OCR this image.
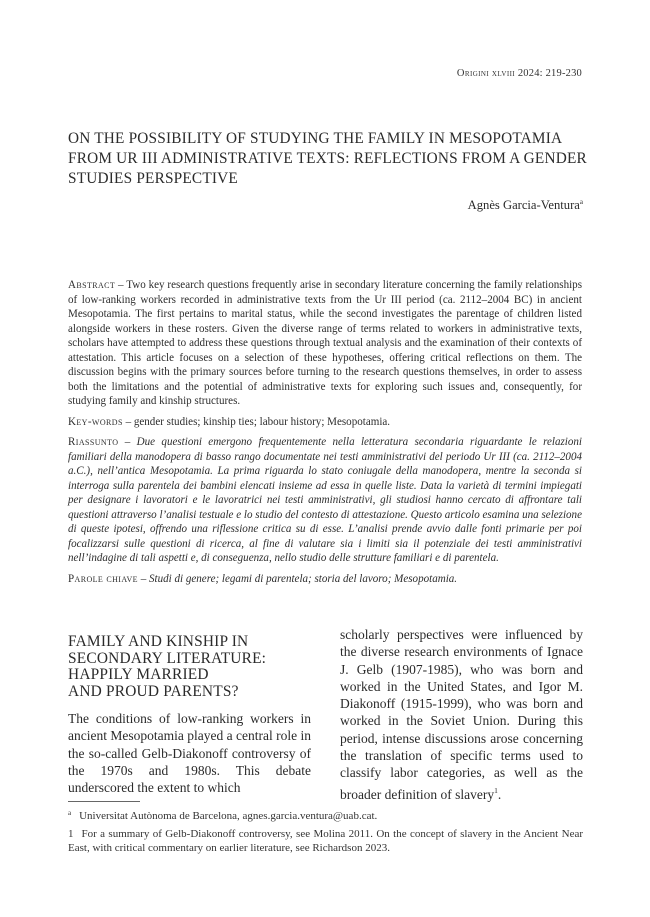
Origini xlviii 2024: 219-230
ON THE POSSIBILITY OF STUDYING THE FAMILY IN MESOPOTAMIA FROM UR III ADMINISTRATIVE TEXTS: REFLECTIONS FROM A GENDER STUDIES PERSPECTIVE
Agnès Garcia-Ventura$^a$

Abstract – Two key research questions frequently arise in secondary literature concerning the family relationships of low-ranking workers recorded in administrative texts from the Ur III period (ca. 2112–2004 BC) in ancient Mesopotamia. The first pertains to marital status, while the second investigates the parentage of children listed alongside workers in these rosters. Given the diverse range of terms related to workers in administrative texts, scholars have attempted to address these questions through textual analysis and the examination of their contexts of attestation. This article focuses on a selection of these hypotheses, offering critical reflections on them. The discussion begins with the primary sources before turning to the research questions themselves, in order to assess both the limitations and the potential of administrative texts for exploring such issues and, consequently, for studying family and kinship structures.

Key-words – gender studies; kinship ties; labour history; Mesopotamia.

Riassunto – Due questioni emergono frequentemente nella letteratura secondaria riguardante le relazioni familiari della manodopera di basso rango documentate nei testi amministrativi del periodo Ur III (ca. 2112–2004 a.C.), nell’antica Mesopotamia. La prima riguarda lo stato coniugale della manodopera, mentre la seconda si interroga sulla parentela dei bambini elencati insieme ad essa in quelle liste. Data la varietà di termini impiegati per designare i lavoratori e le lavoratrici nei testi amministrativi, gli studiosi hanno cercato di affrontare tali questioni attraverso l’analisi testuale e lo studio del contesto di attestazione. Questo articolo esamina una selezione di queste ipotesi, offrendo una riflessione critica su di esse. L’analisi prende avvio dalle fonti primarie per poi focalizzarsi sulle questioni di ricerca, al fine di valutare sia i limiti sia il potenziale dei testi amministrativi nell’indagine di tali aspetti e, di conseguenza, nello studio delle strutture familiari e di parentela.

Parole chiave – Studi di genere; legami di parentela; storia del lavoro; Mesopotamia.

FAMILY AND KINSHIP IN
SECONDARY LITERATURE:
HAPPILY MARRIED
AND PROUD PARENTS?

The conditions of low-ranking workers in ancient Mesopotamia played a central role in the so-called Gelb-Diakonoff controversy of the 1970s and 1980s. This debate underscored the extent to which

scholarly perspectives were influenced by the diverse research environments of Ignace J. Gelb (1907-1985), who was born and worked in the United States, and Igor M. Diakonoff (1915-1999), who was born and worked in the Soviet Union. During this period, intense discussions arose concerning the translation of specific terms used to classify labor categories, as well as the broader definition of slavery$^1$.

$^a$ Universitat Autònoma de Barcelona, agnes.garcia.ventura@uab.cat.

1 For a summary of Gelb-Diakonoff controversy, see Molina 2011. On the concept of slavery in the Ancient Near East, with critical commentary on earlier literature, see Richardson 2023.
